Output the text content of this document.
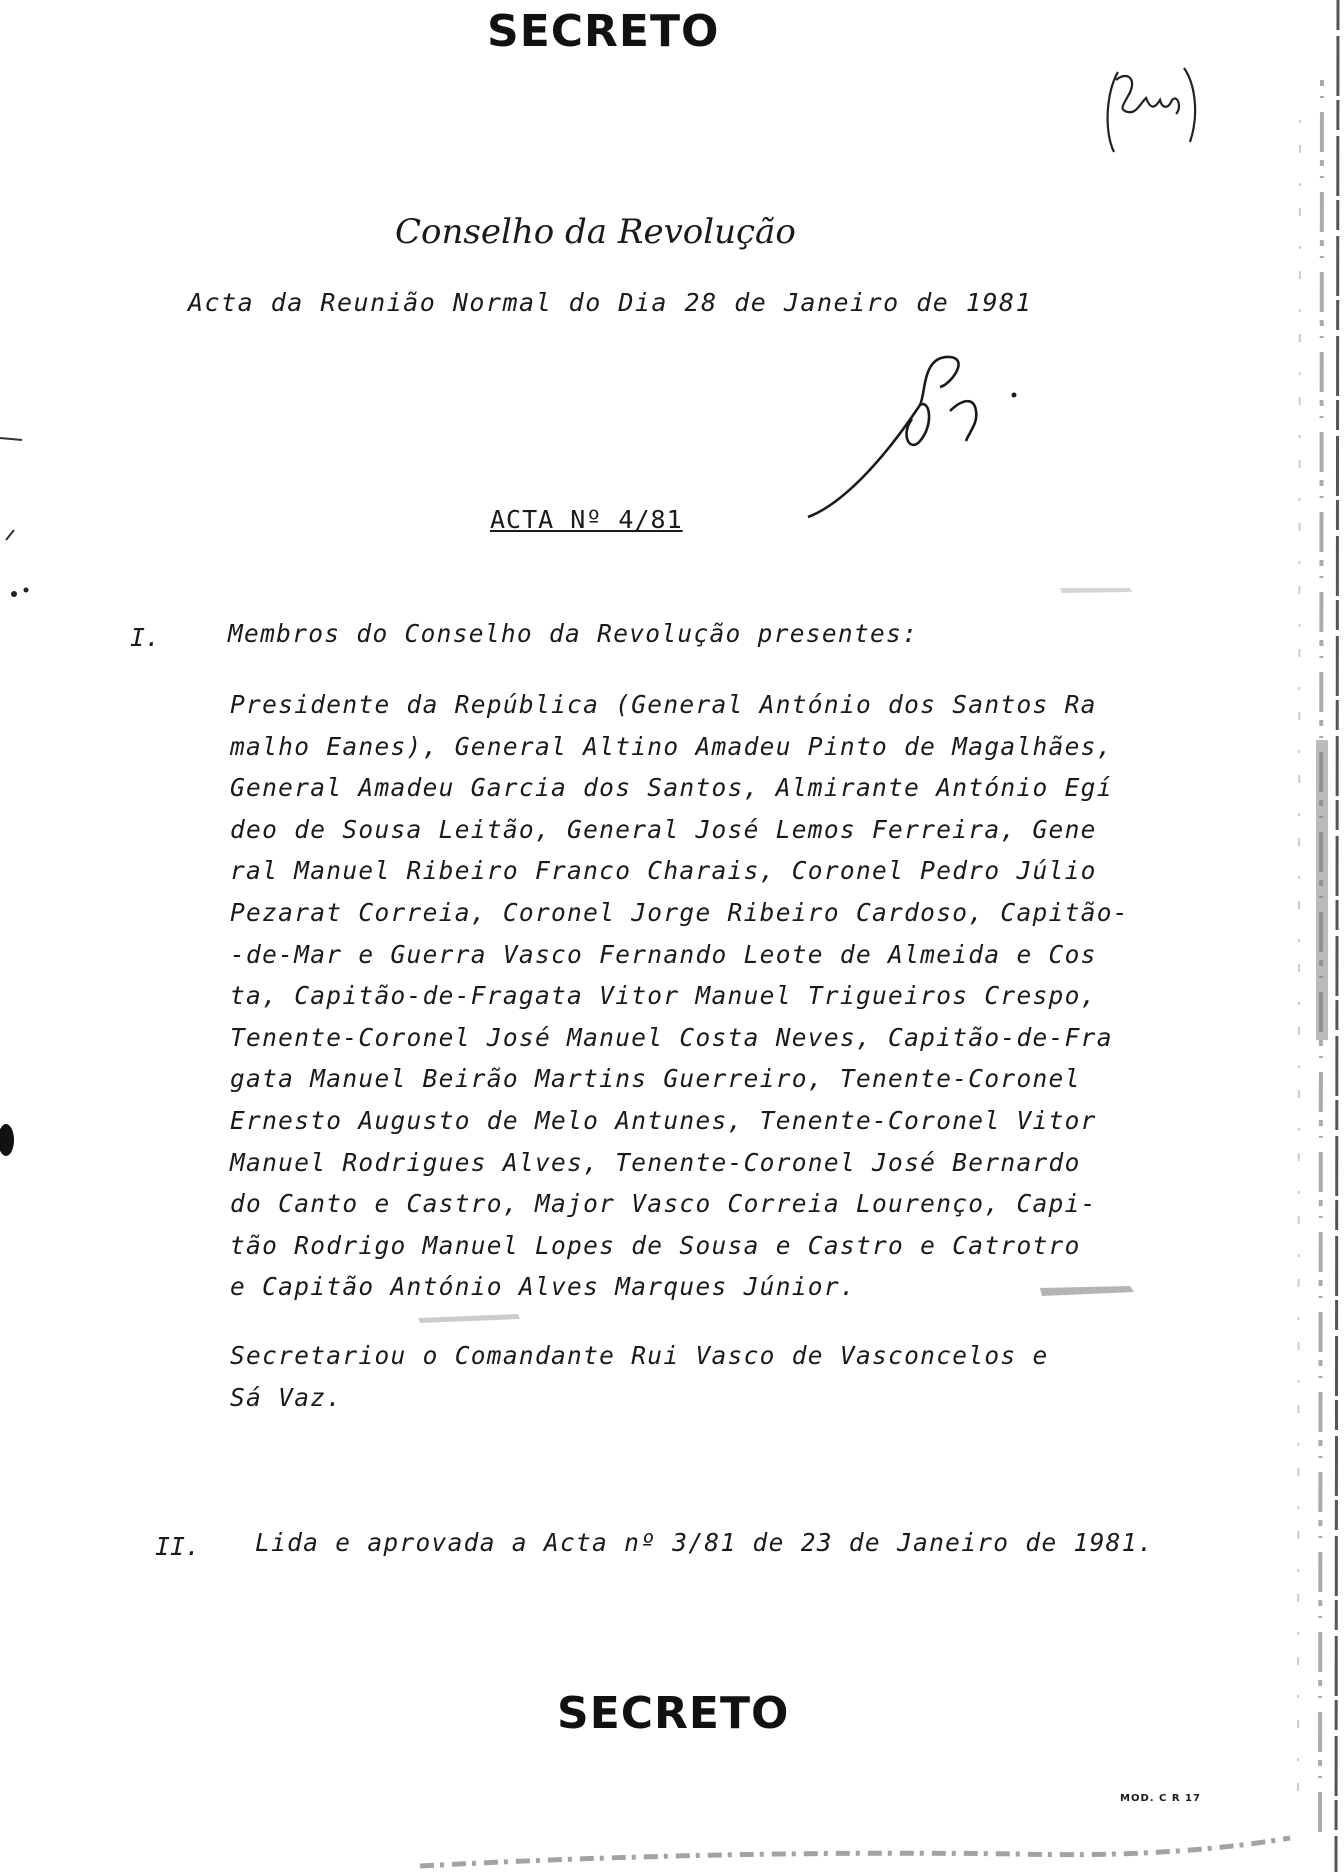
SECRETO
Conselho da Revolução
Acta da Reunião Normal do Dia 28 de Janeiro de 1981
ACTA Nº 4/81
I.	Membros do Conselho da Revolução presentes:
Presidente da República (General António dos Santos Ra
malho Eanes), General Altino Amadeu Pinto de Magalhães,
General Amadeu Garcia dos Santos, Almirante António Egí
deo de Sousa Leitão, General José Lemos Ferreira, Gene
ral Manuel Ribeiro Franco Charais, Coronel Pedro Júlio
Pezarat Correia, Coronel Jorge Ribeiro Cardoso, Capitão-
-de-Mar e Guerra Vasco Fernando Leote de Almeida e Cos
ta, Capitão-de-Fragata Vitor Manuel Trigueiros Crespo,
Tenente-Coronel José Manuel Costa Neves, Capitão-de-Fra
gata Manuel Beirão Martins Guerreiro, Tenente-Coronel
Ernesto Augusto de Melo Antunes, Tenente-Coronel Vitor
Manuel Rodrigues Alves, Tenente-Coronel José Bernardo
do Canto e Castro, Major Vasco Correia Lourenço, Capi-
tão Rodrigo Manuel Lopes de Sousa e Castro e Catrotro
e Capitão António Alves Marques Júnior.
Secretariou o Comandante Rui Vasco de Vasconcelos e
Sá Vaz.
II. Lida e aprovada a Acta nº 3/81 de 23 de Janeiro de 1981.
SECRETO
MOD. C R 17
